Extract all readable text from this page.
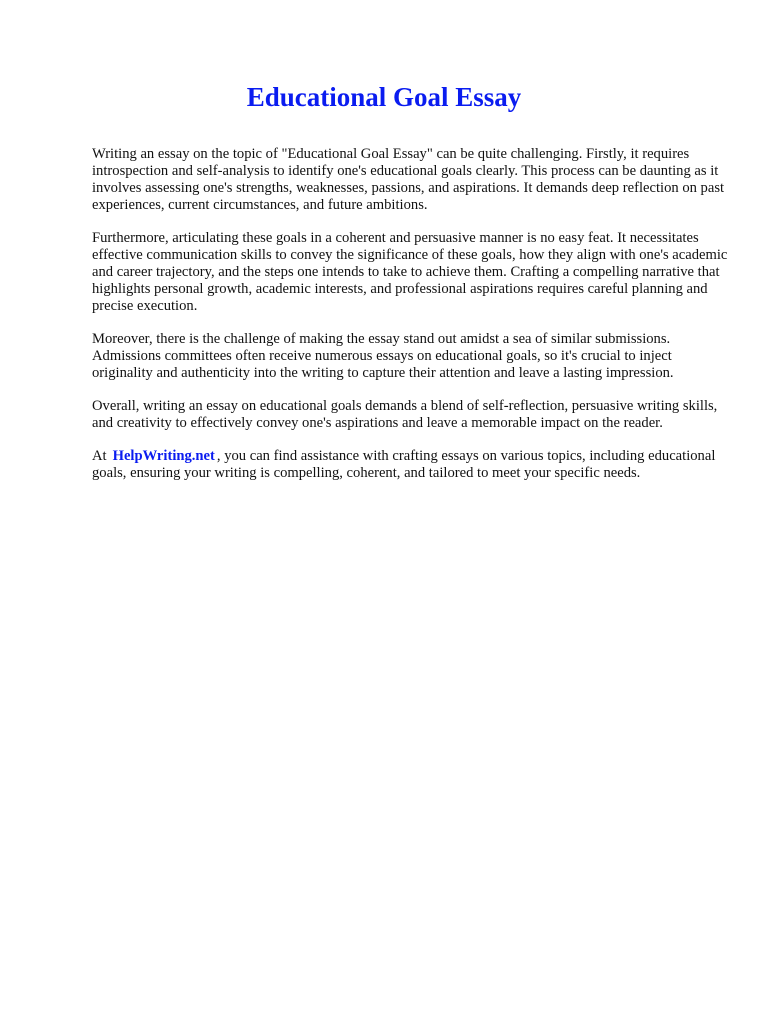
Educational Goal Essay

Writing an essay on the topic of "Educational Goal Essay" can be quite challenging. Firstly, it requires introspection and self-analysis to identify one's educational goals clearly. This process can be daunting as it involves assessing one's strengths, weaknesses, passions, and aspirations. It demands deep reflection on past experiences, current circumstances, and future ambitions.

Furthermore, articulating these goals in a coherent and persuasive manner is no easy feat. It necessitates effective communication skills to convey the significance of these goals, how they align with one's academic and career trajectory, and the steps one intends to take to achieve them. Crafting a compelling narrative that highlights personal growth, academic interests, and professional aspirations requires careful planning and precise execution.

Moreover, there is the challenge of making the essay stand out amidst a sea of similar submissions. Admissions committees often receive numerous essays on educational goals, so it's crucial to inject originality and authenticity into the writing to capture their attention and leave a lasting impression.

Overall, writing an essay on educational goals demands a blend of self-reflection, persuasive writing skills, and creativity to effectively convey one's aspirations and leave a memorable impact on the reader.

At HelpWriting.net , you can find assistance with crafting essays on various topics, including educational goals, ensuring your writing is compelling, coherent, and tailored to meet your specific needs.
